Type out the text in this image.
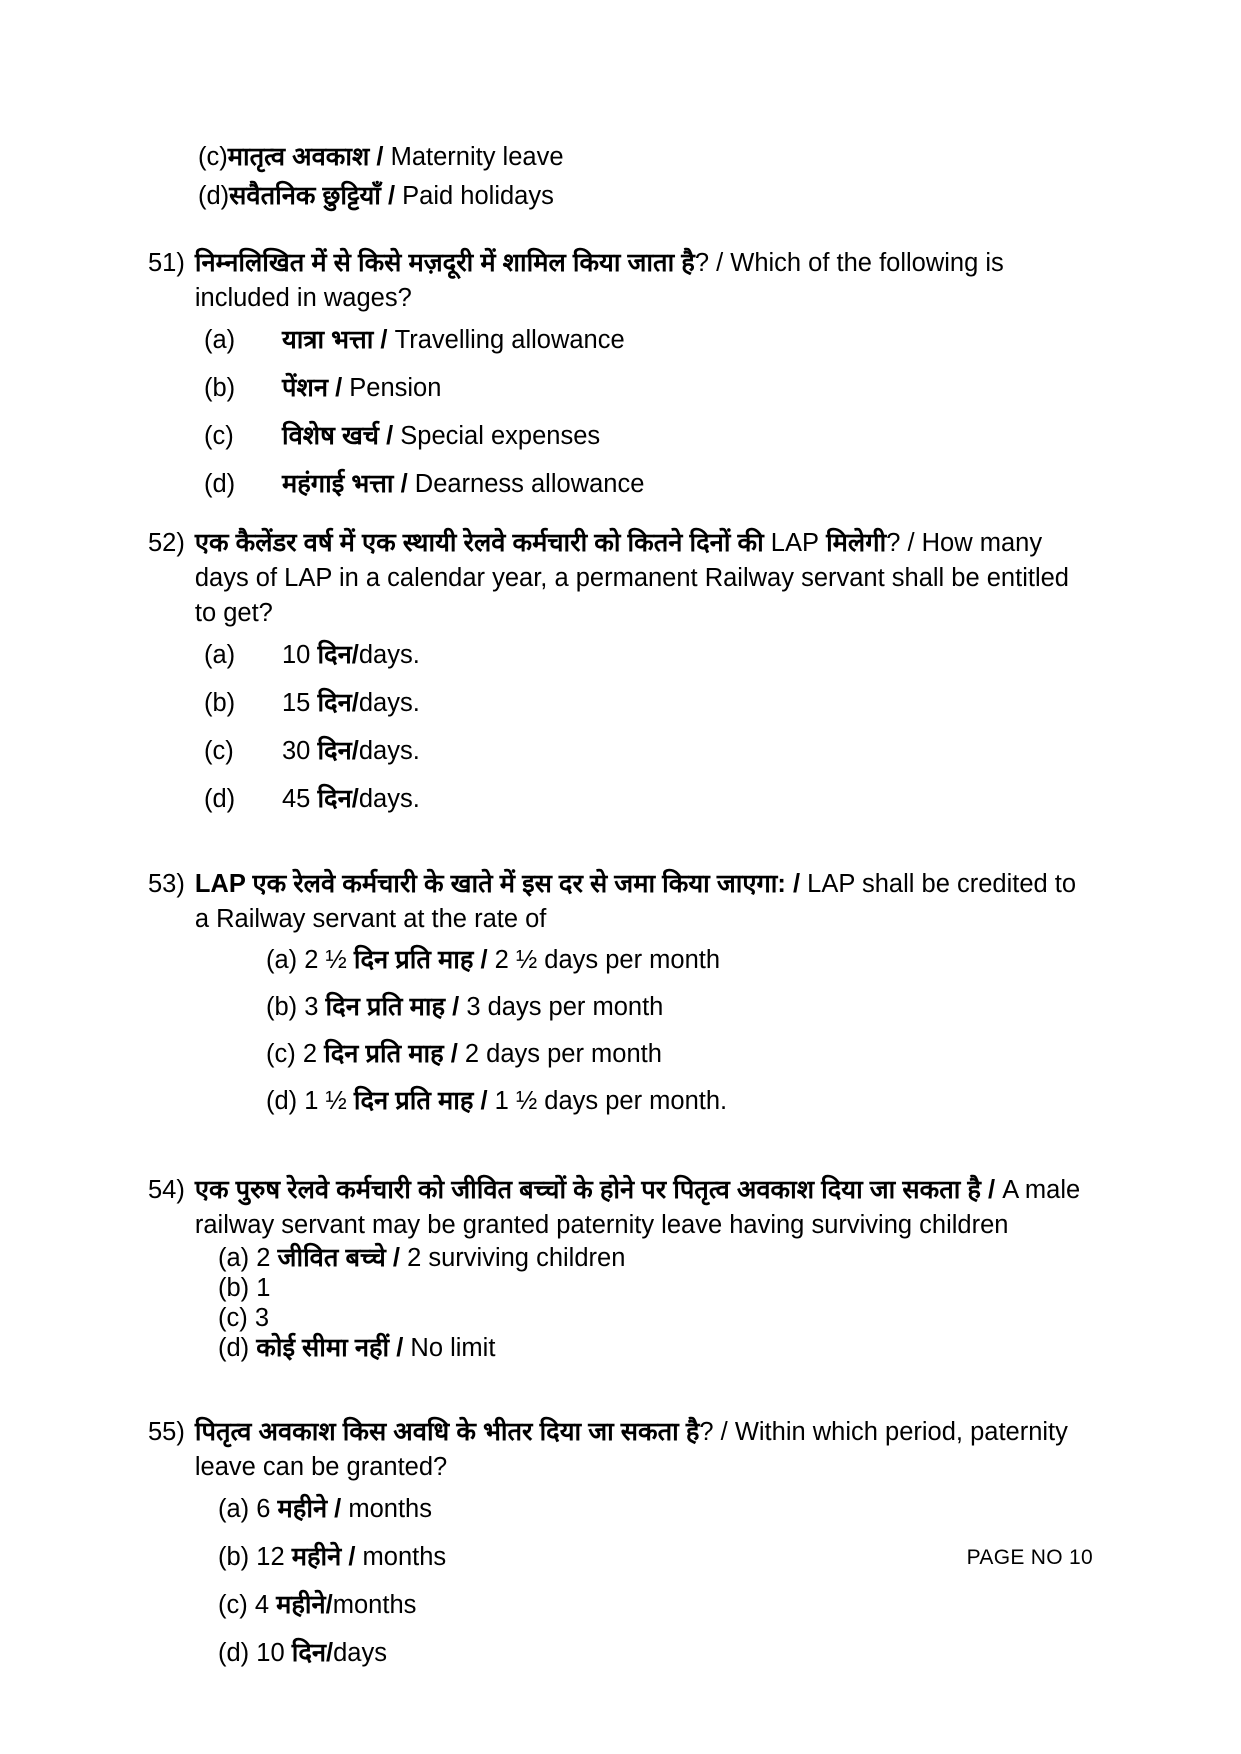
(c)मातृत्व अवकाश / Maternity leave
(d)सवैतनिक छुट्टियाँ / Paid holidays
51) निम्नलिखित में से किसे मज़दूरी में शामिल किया जाता है? / Which of the following is included in wages?
(a)	यात्रा भत्ता / Travelling allowance
(b)	पेंशन / Pension
(c)	विशेष खर्च / Special expenses
(d)	महंगाई भत्ता / Dearness allowance
52) एक कैलेंडर वर्ष में एक स्थायी रेलवे कर्मचारी को कितने दिनों की LAP मिलेगी? / How many days of LAP in a calendar year, a permanent Railway servant shall be entitled to get?
(a)	10 दिन/days.
(b)	15 दिन/days.
(c)	30 दिन/days.
(d)	45 दिन/days.
53) LAP एक रेलवे कर्मचारी के खाते में इस दर से जमा किया जाएगा: / LAP shall be credited to a Railway servant at the rate of
(a) 2 ½ दिन प्रति माह / 2 ½ days per month
(b) 3 दिन प्रति माह / 3 days per month
(c) 2 दिन प्रति माह / 2 days per month
(d) 1 ½ दिन प्रति माह / 1 ½ days per month.
54) एक पुरुष रेलवे कर्मचारी को जीवित बच्चों के होने पर पितृत्व अवकाश दिया जा सकता है / A male railway servant may be granted paternity leave having surviving children
(a) 2 जीवित बच्चे / 2 surviving children
(b) 1
(c) 3
(d) कोई सीमा नहीं / No limit
55) पितृत्व अवकाश किस अवधि के भीतर दिया जा सकता है? / Within which period, paternity leave can be granted?
(a) 6 महीने / months
(b) 12 महीने / months
(c) 4 महीने/months
(d) 10 दिन/days
PAGE NO 10
